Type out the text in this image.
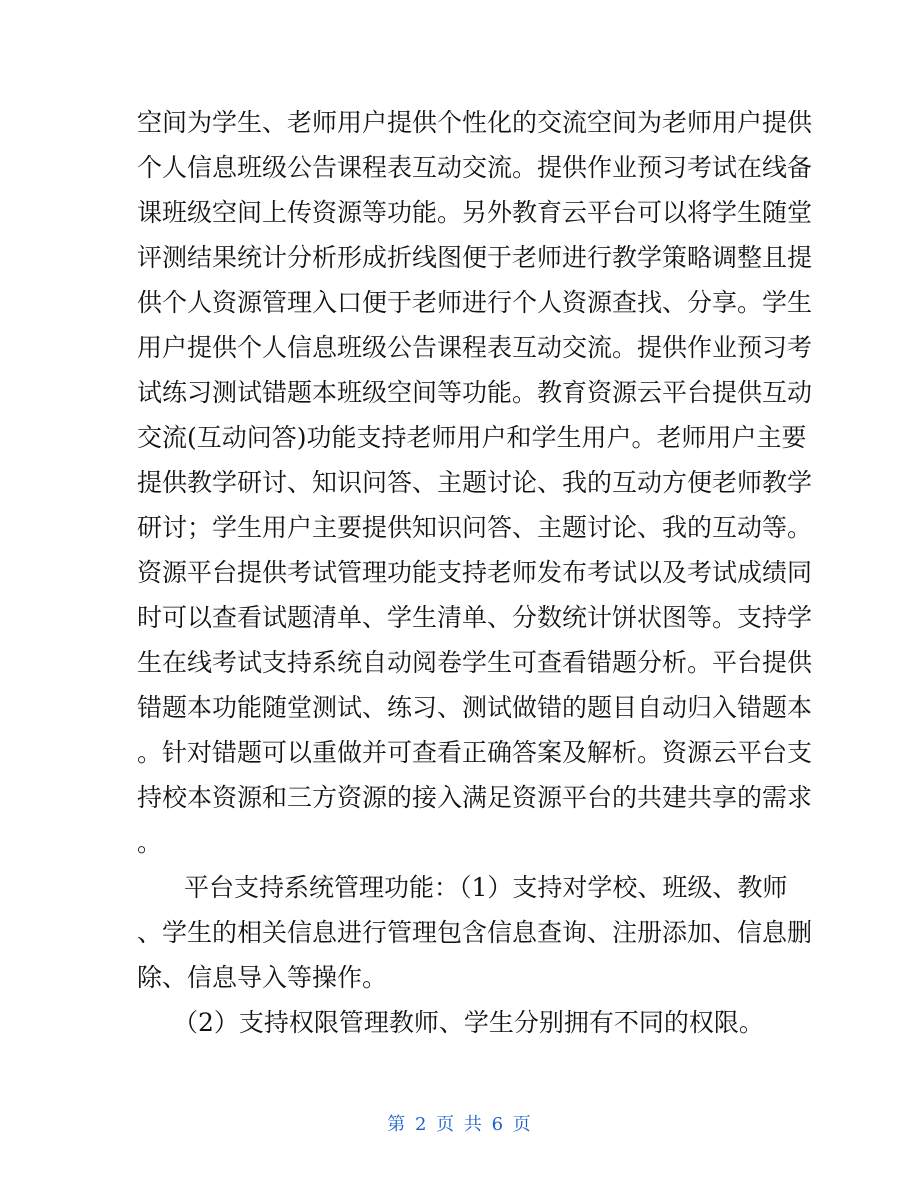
空间为学生、老师用户提供个性化的交流空间为老师用户提供
个人信息班级公告课程表互动交流。提供作业预习考试在线备
课班级空间上传资源等功能。另外教育云平台可以将学生随堂
评测结果统计分析形成折线图便于老师进行教学策略调整且提
供个人资源管理入口便于老师进行个人资源查找、分享。学生
用户提供个人信息班级公告课程表互动交流。提供作业预习考
试练习测试错题本班级空间等功能。教育资源云平台提供互动
交流(互动问答)功能支持老师用户和学生用户。老师用户主要
提供教学研讨、知识问答、主题讨论、我的互动方便老师教学
研讨；学生用户主要提供知识问答、主题讨论、我的互动等。
资源平台提供考试管理功能支持老师发布考试以及考试成绩同
时可以查看试题清单、学生清单、分数统计饼状图等。支持学
生在线考试支持系统自动阅卷学生可查看错题分析。平台提供
错题本功能随堂测试、练习、测试做错的题目自动归入错题本
。针对错题可以重做并可查看正确答案及解析。资源云平台支
持校本资源和三方资源的接入满足资源平台的共建共享的需求
。
平台支持系统管理功能：（1）支持对学校、班级、教师
、学生的相关信息进行管理包含信息查询、注册添加、信息删
除、信息导入等操作。
（2）支持权限管理教师、学生分别拥有不同的权限。
第 2 页 共 6 页
